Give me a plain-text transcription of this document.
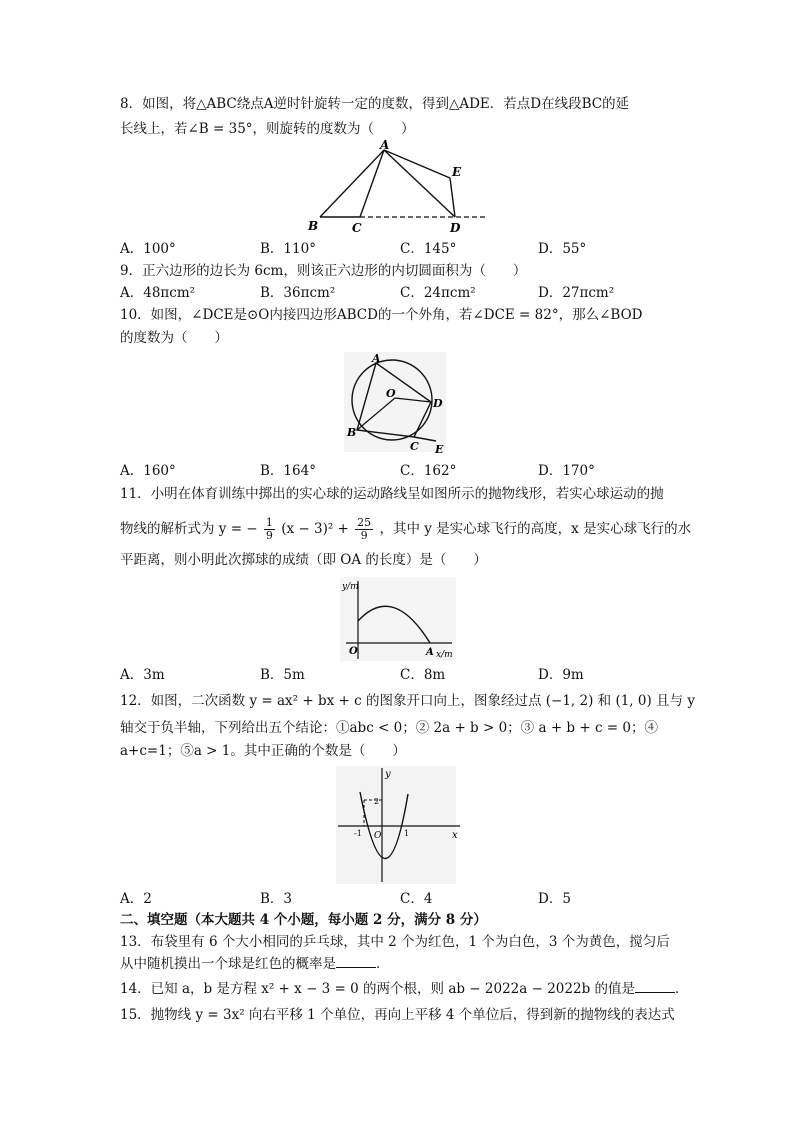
8．如图，将△ABC绕点A逆时针旋转一定的度数，得到△ADE．若点D在线段BC的延
长线上，若∠B = 35°，则旋转的度数为（　　）
A
B	C	D
E
A．100°	B．110°	C．145°	D．55°
9．正六边形的边长为 6cm，则该正六边形的内切圆面积为（　　）
A．48πcm²	B．36πcm²	C．24πcm²	D．27πcm²
10．如图，∠DCE是⊙O内接四边形ABCD的一个外角，若∠DCE = 82°，那么∠BOD
的度数为（　　）
A
B
C
D
E
O
A．160°	B．164°	C．162°	D．170°
11．小明在体育训练中掷出的实心球的运动路线呈如图所示的抛物线形，若实心球运动的抛
物线的解析式为 y = − $\frac{1}{9} (x - 3)^2 + \frac{25}{9}$ ，其中 y 是实心球飞行的高度，x 是实心球飞行的水
平距离，则小明此次掷球的成绩（即 OA 的长度）是（　　）
y/m
x/m
O	A
A．3m	B．5m	C．8m	D．9m
12．如图，二次函数 y = ax² + bx + c 的图象开口向上，图象经过点 (−1, 2) 和 (1, 0) 且与 y
轴交于负半轴，下列给出五个结论：①abc < 0；② 2a + b > 0；③ a + b + c = 0；④
a+c=1；⑤a > 1。其中正确的个数是（　　）
y
x
O
-1	1
2
A．2	B．3	C．4	D．5
二、填空题（本大题共 4 个小题，每小题 2 分，满分 8 分）
13．布袋里有 6 个大小相同的乒乓球，其中 2 个为红色，1 个为白色，3 个为黄色，搅匀后
从中随机摸出一个球是红色的概率是	．
14．已知 a，b 是方程 x² + x − 3 = 0 的两个根，则 ab − 2022a − 2022b 的值是	．
15．抛物线 y = 3x² 向右平移 1 个单位，再向上平移 4 个单位后，得到新的抛物线的表达式
